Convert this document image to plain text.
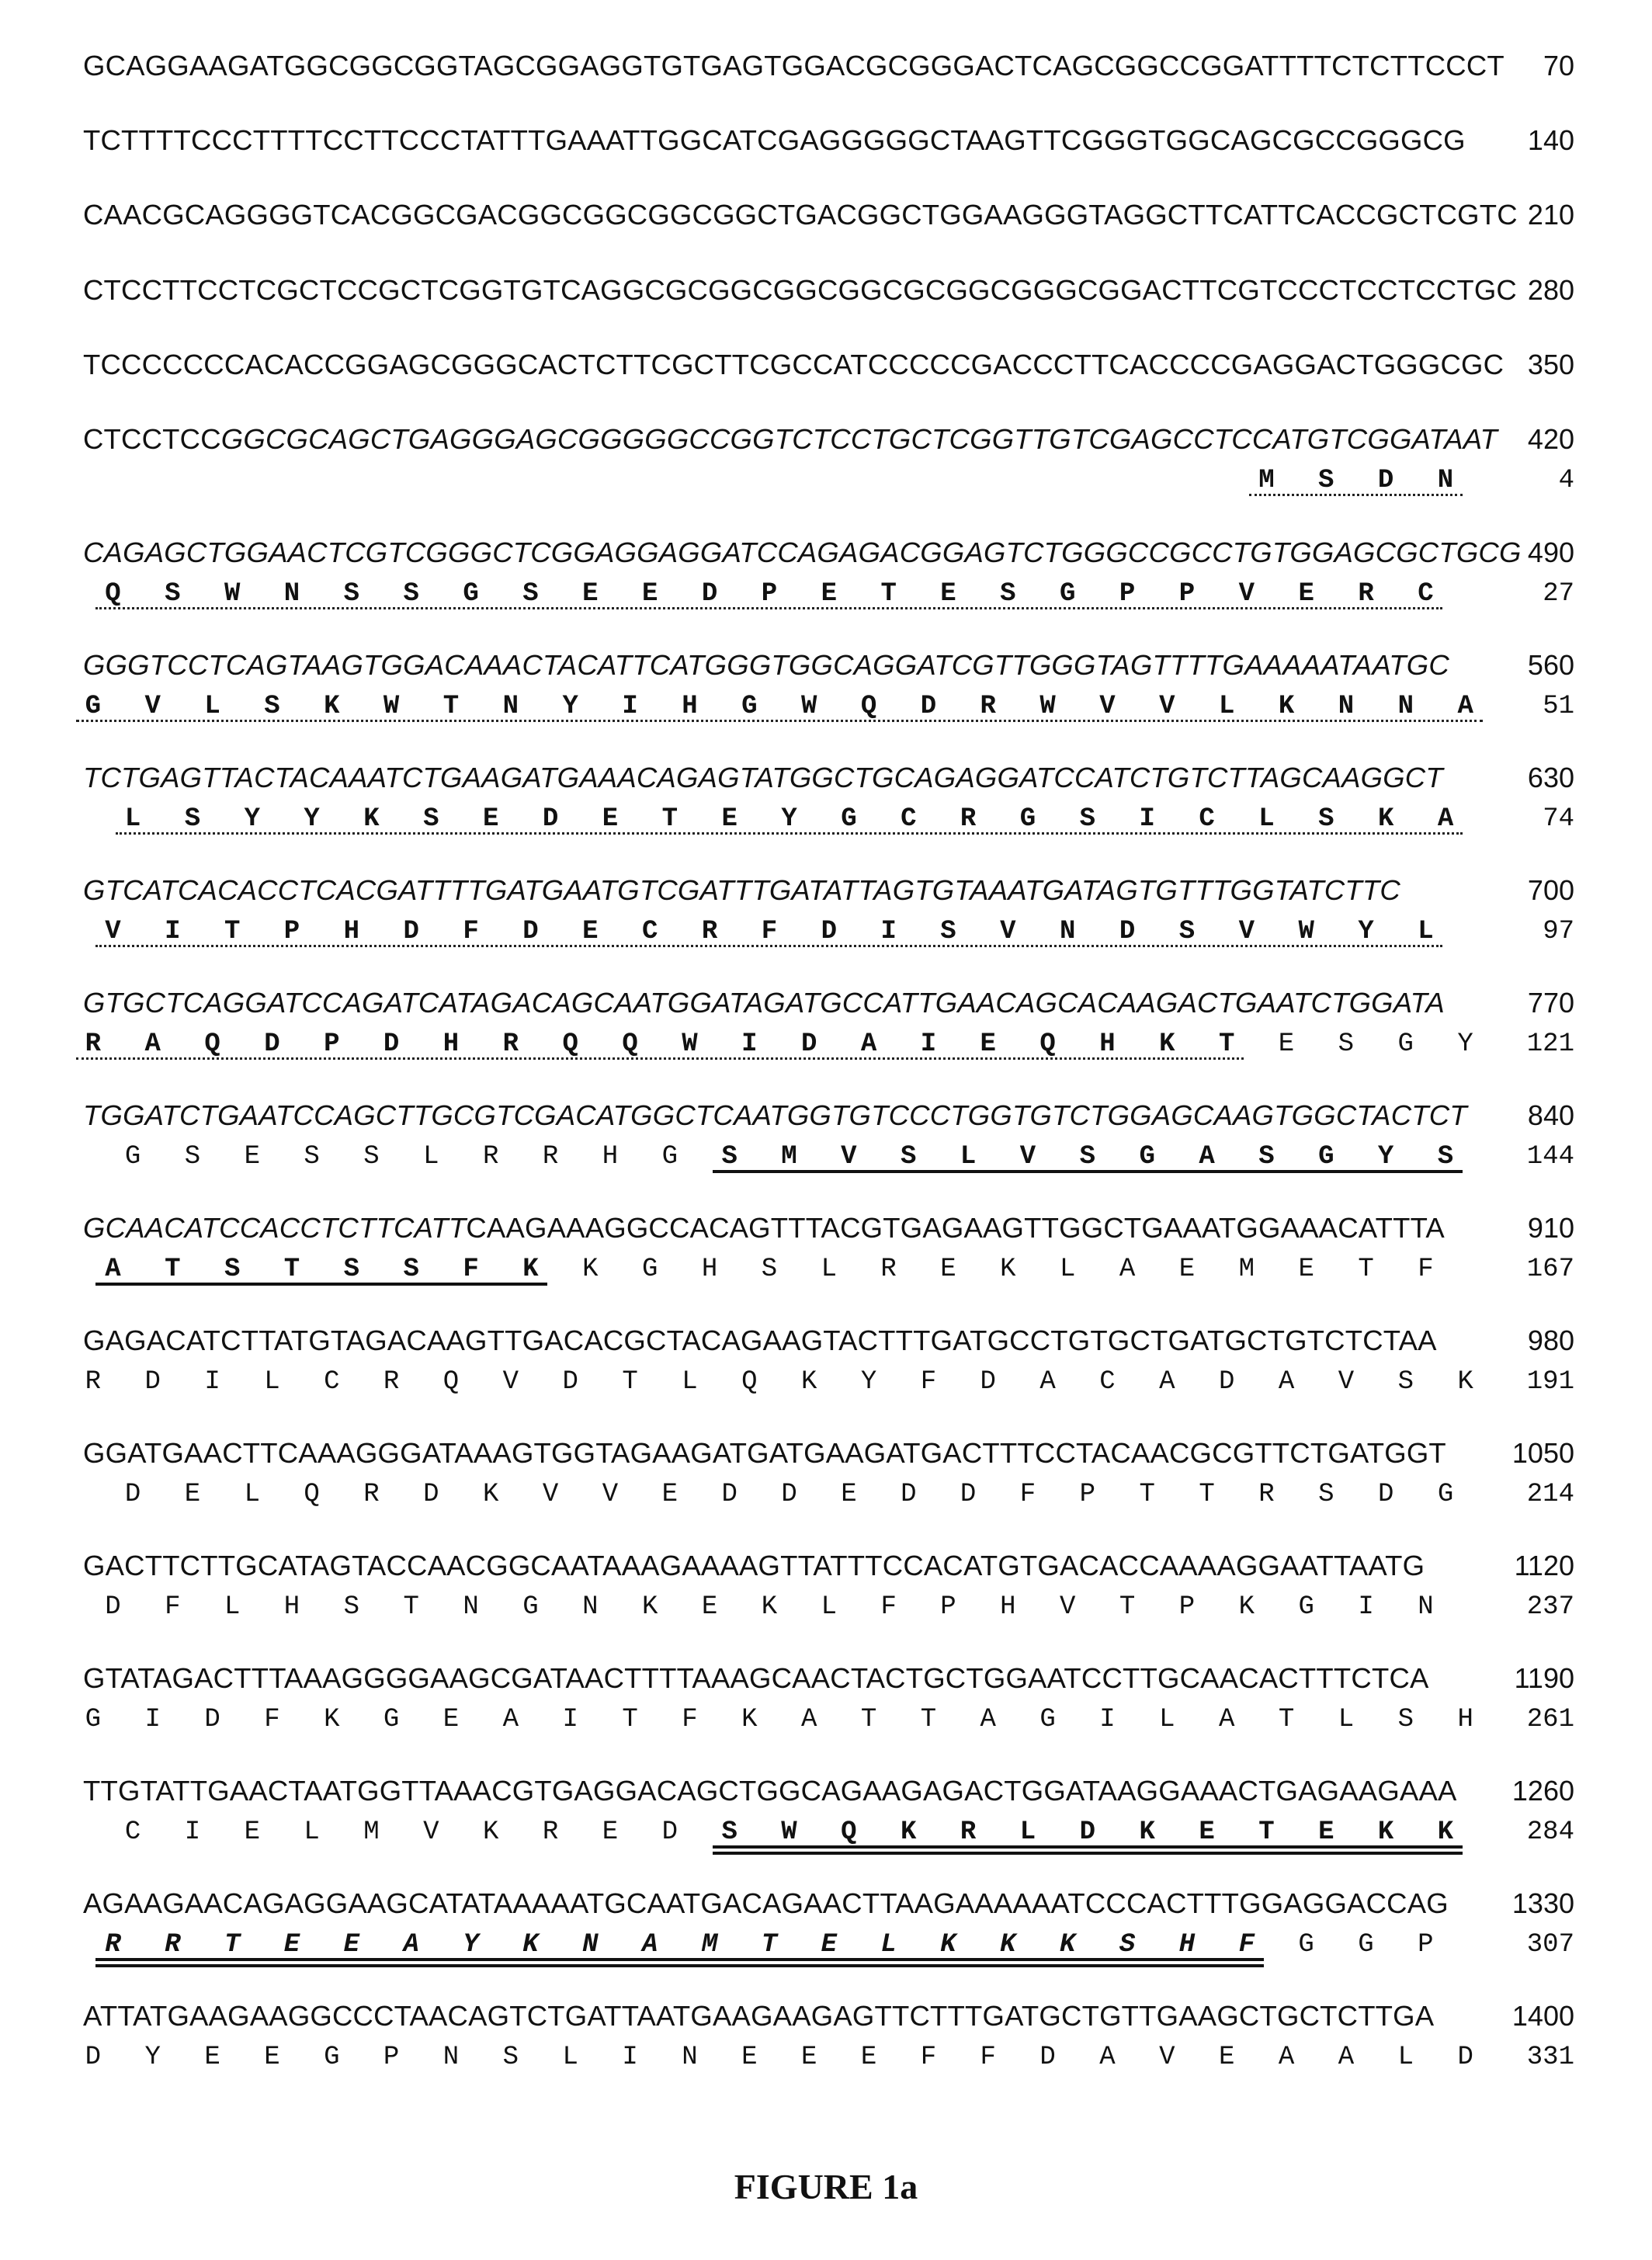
GCAGGAAGATGGCGGCGGTAGCGGAGGTGTGAGTGGACGCGGGACTCAGCGGCCGGATTTTCTCTTCCCT	70
TCTTTTCCCTTTTCCTTCCCTATTTGAAATTGGCATCGAGGGGGCTAAGTTCGGGTGGCAGCGCCGGGCG	140
CAACGCAGGGGTCACGGCGACGGCGGCGGCGGCTGACGGCTGGAAGGGTAGGCTTCATTCACCGCTCGTC 210
CTCCTTCCTCGCTCCGCTCGGTGTCAGGCGCGGCGGCGGCGCGGCGGGCGGACTTCGTCCCTCCTCCTGC 280
TCCCCCCCACACCGGAGCGGGCACTCTTCGCTTCGCCATCCCCCGACCCTTCACCCCGAGGACTGGGCGC 350
CTCCTCCGGCGCAGCTGAGGGAGCGGGGGCCGGTCTCCTGCTCGGTTGTCGAGCCTCCATGTCGGATAAT	420
MSDN	4
CAGAGCTGGAACTCGTCGGGCTCGGAGGAGGATCCAGAGACGGAGTCTGGGCCGCCTGTGGAGCGCTGCG 490
QSWNSSGSEEDPETESGPPVERC	27
GGGTCCTCAGTAAGTGGACAAACTACATTCATGGGTGGCAGGATCGTTGGGTAGTTTTGAAAAATAATGC	560
GVLSKWTNYIHGWQDRWVVLKNNA 51
TCTGAGTTACTACAAATCTGAAGATGAAACAGAGTATGGCTGCAGAGGATCCATCTGTCTTAGCAAGGCT	630
LSYYKSEDETEYGCRGSICLSKA	74
GTCATCACACCTCACGATTTTGATGAATGTCGATTTGATATTAGTGTAAATGATAGTGTTTGGTATCTTC	700
VITPHDFDECRFDISVNDSVWYL	97
GTGCTCAGGATCCAGATCATAGACAGCAATGGATAGATGCCATTGAACAGCACAAGACTGAATCTGGATA	770
RAQDPDHRQQWIDAIEQHKT ESGY 121
TGGATCTGAATCCAGCTTGCGTCGACATGGCTCAATGGTGTCCCTGGTGTCTGGAGCAAGTGGCTACTCT	840
GSESSLRRHG SMVSLVSGASGYS	144
GCAACATCCACCTCTTCATTCAAGAAAGGCCACAGTTTACGTGAGAAGTTGGCTGAAATGGAAACATTTA	910
ATSTSSFK KGHSLREKLAEMETF	167
GAGACATCTTATGTAGACAAGTTGACACGCTACAGAAGTACTTTGATGCCTGTGCTGATGCTGTCTCTAA	980
RDILCRQVDTLQKYFDACADAVSK 191
GGATGAACTTCAAAGGGATAAAGTGGTAGAAGATGATGAAGATGACTTTCCTACAACGCGTTCTGATGGT	1050
DELQRDKVVEDDEDDFPTTRSDG	214
GACTTCTTGCATAGTACCAACGGCAATAAAGAAAAGTTATTTCCACATGTGACACCAAAAGGAATTAATG	1120
DFLHSTNGNKEKLFPHVTPKGIN	237
GTATAGACTTTAAAGGGGAAGCGATAACTTTTAAAGCAACTACTGCTGGAATCCTTGCAACACTTTCTCA	1190
GIDFKGEAITFKATTAGILATLSH 261
TTGTATTGAACTAATGGTTAAACGTGAGGACAGCTGGCAGAAGAGACTGGATAAGGAAACTGAGAAGAAA	1260
CIELMVKRED SWQKRLDKETEKK	284
AGAAGAACAGAGGAAGCATATAAAAATGCAATGACAGAACTTAAGAAAAAATCCCACTTTGGAGGACCAG	1330
RRTEEAYKNAMTELKKKSHF GGP	307
ATTATGAAGAAGGCCCTAACAGTCTGATTAATGAAGAAGAGTTCTTTGATGCTGTTGAAGCTGCTCTTGA	1400
DYEEGPNSLINEEEFFDAVEAALD 331
FIGURE 1a
